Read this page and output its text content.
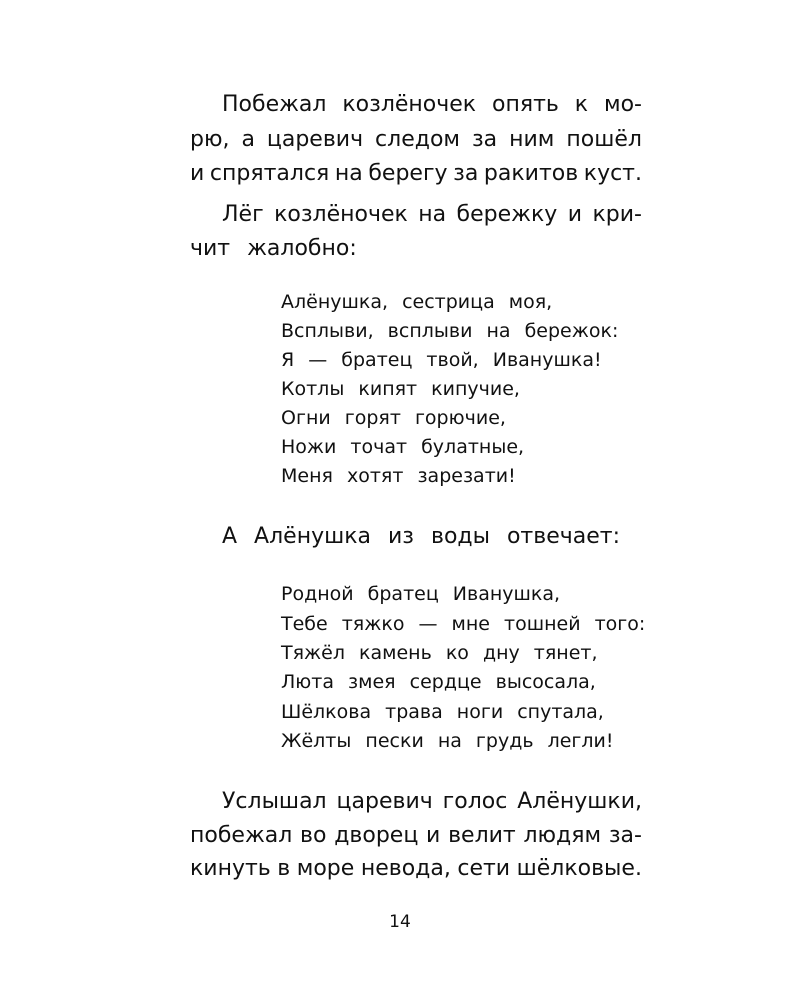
Побежал козлёночек опять к мо-
рю, а царевич следом за ним пошёл
и спрятался на берегу за ракитов куст.
Лёг козлёночек на бережку и кри-
чит жалобно:
Алёнушка, сестрица моя,
Всплыви, всплыви на бережок:
Я — братец твой, Иванушка!
Котлы кипят кипучие,
Огни горят горючие,
Ножи точат булатные,
Меня хотят зарезати!
А Алёнушка из воды отвечает:
Родной братец Иванушка,
Тебе тяжко — мне тошней того:
Тяжёл камень ко дну тянет,
Люта змея сердце высосала,
Шёлкова трава ноги спутала,
Жёлты пески на грудь легли!
Услышал царевич голос Алёнушки,
побежал во дворец и велит людям за-
кинуть в море невода, сети шёлковые.
14
